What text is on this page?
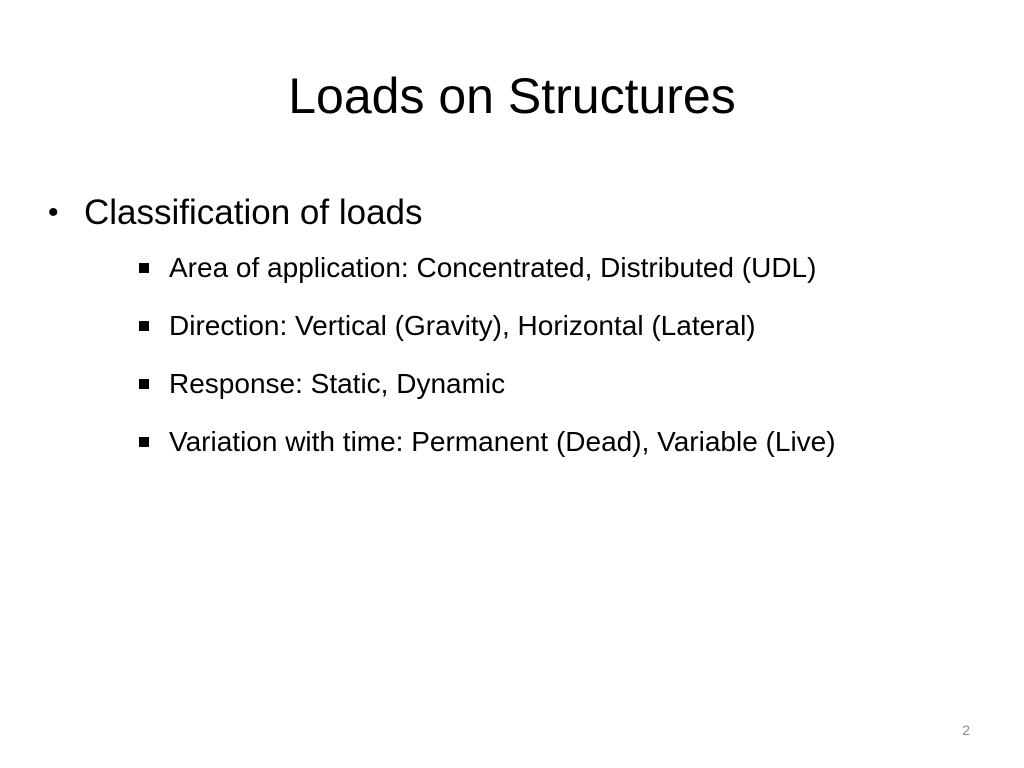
Loads on Structures
• Classification of loads
Area of application: Concentrated, Distributed (UDL)
Direction: Vertical (Gravity), Horizontal (Lateral)
Response: Static, Dynamic
Variation with time: Permanent (Dead), Variable (Live)
2
